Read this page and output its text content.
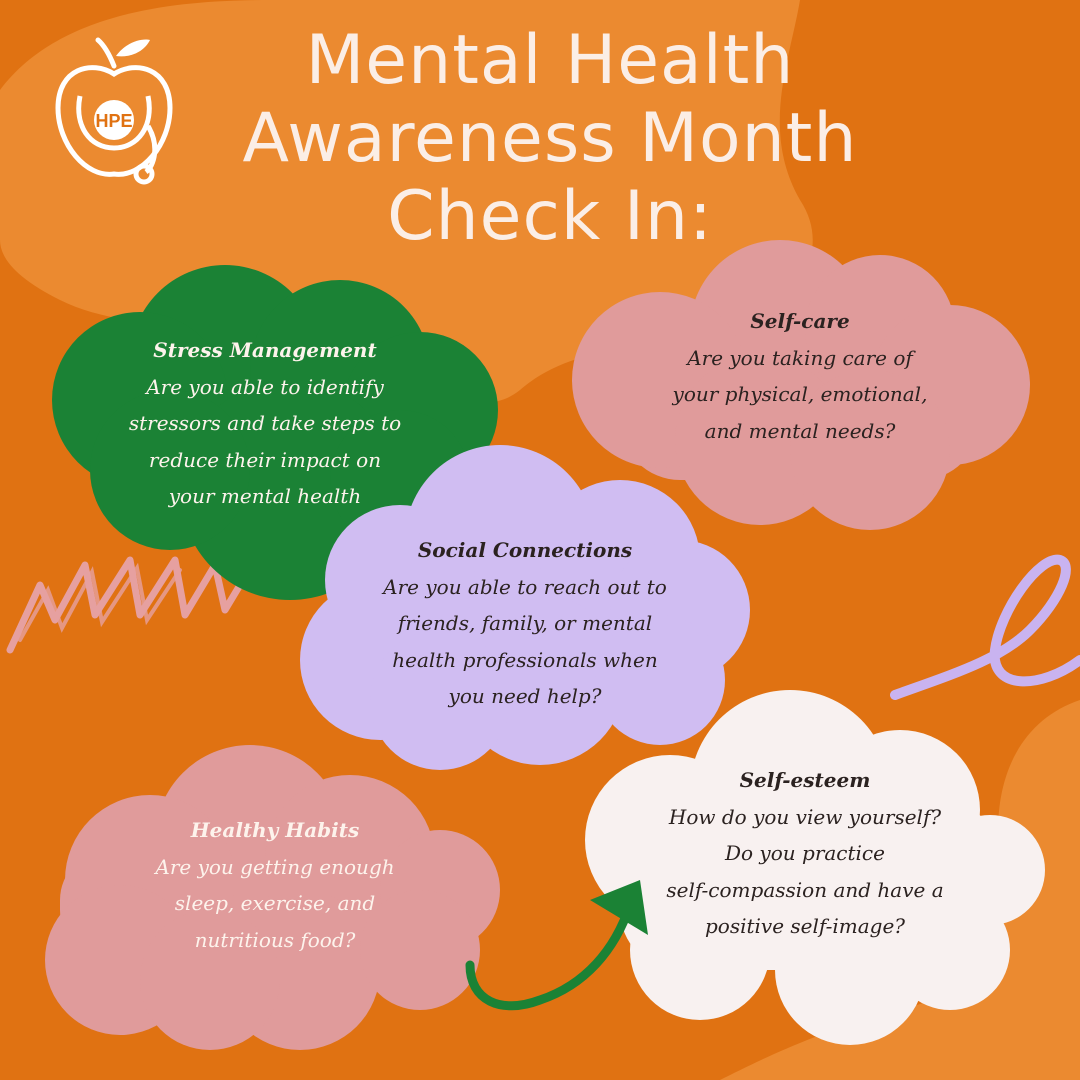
HPE
Mental Health
Awareness Month
Check In:
Stress Management
Are you able to identify
stressors and take steps to
reduce their impact on
your mental health
Self-care
Are you taking care of
your physical, emotional,
and mental needs?
Social Connections
Are you able to reach out to
friends, family, or mental
health professionals when
you need help?
Healthy Habits
Are you getting enough
sleep, exercise, and
nutritious food?
Self-esteem
How do you view yourself?
Do you practice
self-compassion and have a
positive self-image?
